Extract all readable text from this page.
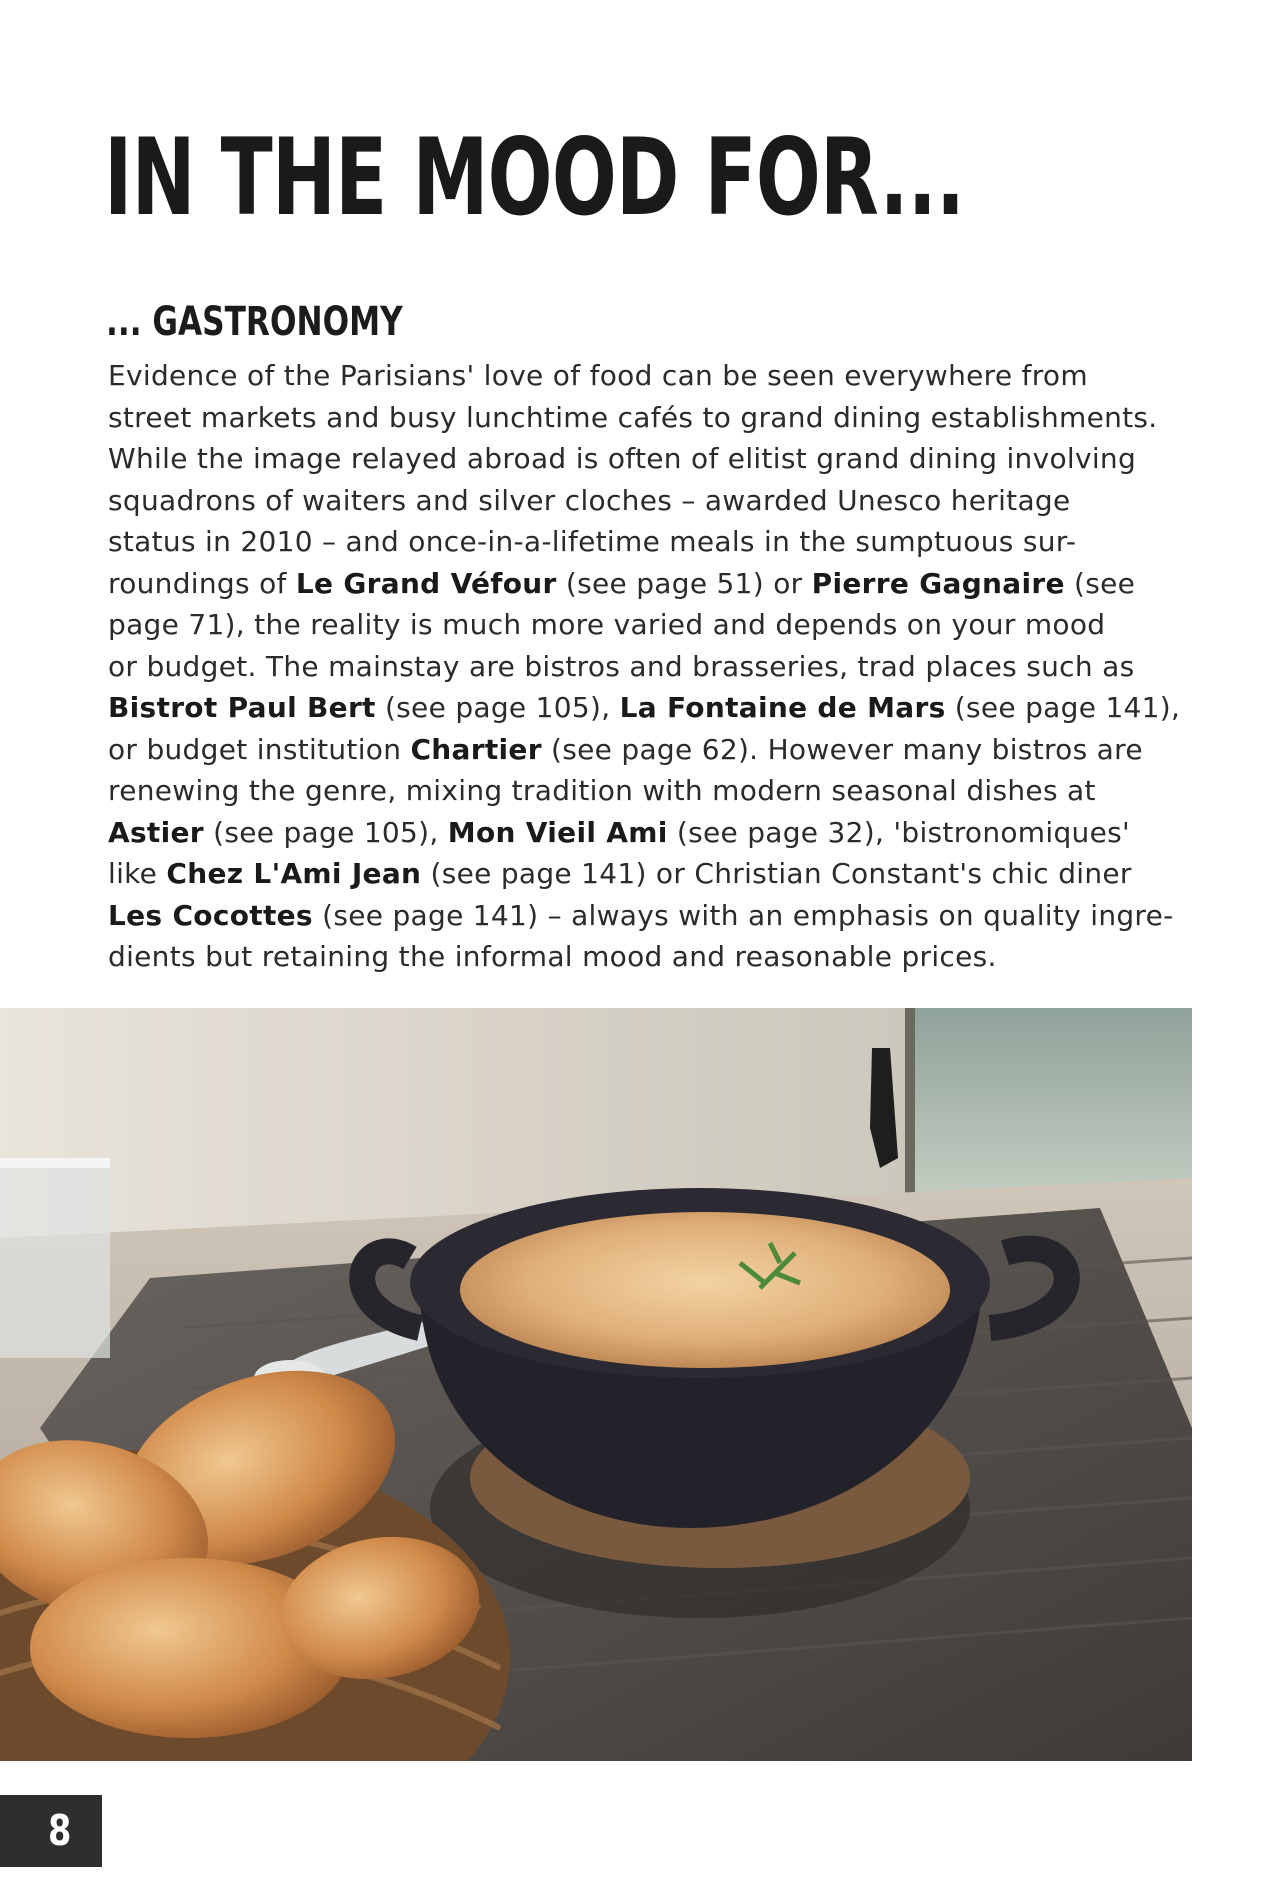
IN THE MOOD FOR...
... GASTRONOMY
Evidence of the Parisians' love of food can be seen everywhere from
street markets and busy lunchtime cafés to grand dining establishments.
While the image relayed abroad is often of elitist grand dining involving
squadrons of waiters and silver cloches – awarded Unesco heritage
status in 2010 – and once-in-a-lifetime meals in the sumptuous sur-
roundings of Le Grand Véfour (see page 51) or Pierre Gagnaire (see
page 71), the reality is much more varied and depends on your mood
or budget. The mainstay are bistros and brasseries, trad places such as
Bistrot Paul Bert (see page 105), La Fontaine de Mars (see page 141),
or budget institution Chartier (see page 62). However many bistros are
renewing the genre, mixing tradition with modern seasonal dishes at
Astier (see page 105), Mon Vieil Ami (see page 32), 'bistronomiques'
like Chez L'Ami Jean (see page 141) or Christian Constant's chic diner
Les Cocottes (see page 141) – always with an emphasis on quality ingre-
dients but retaining the informal mood and reasonable prices.
8
